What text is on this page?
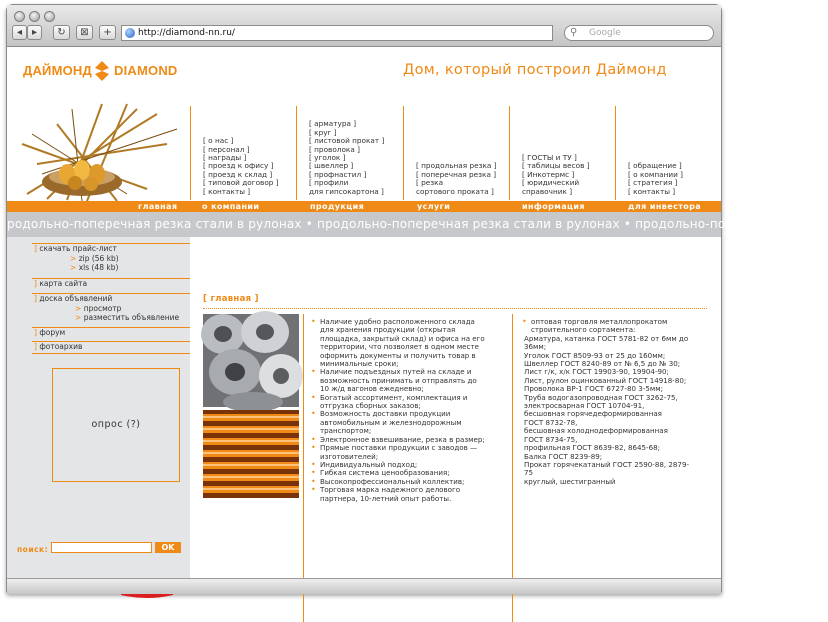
◂ ▸	↻	⊠	+	http://diamond-nn.ru/	⚲ Google
ДАЙМОНД DIAMOND	Дом, который построил Даймонд
[ о нас ]
[ персонал ]
[ награды ]
[ проезд к офису ]
[ проезд к склад ]
[ типовой договор ]
[ контакты ]
[ арматура ]
[ круг ]
[ листовой прокат ]
[ проволока ]
[ уголок ]
[ швеллер ]
[ профнастил ]
[ профили
для гипсокартона ]
[ продольная резка ]
[ поперечная резка ]
[ резка
сортового проката ]
[ ГОСТЫ и ТУ ]
[ таблицы весов ]
[ Инкотермс ]
[ юридический
справочник ]
[ обращение ]
[ о компании ]
[ стратегия ]
[ контакты ]
главная	о компании	продукция	услуги	информация	для инвестора
родольно-поперечная резка стали в рулонах • продольно-поперечная резка стали в рулонах • продольно-поперечная резка
] скачать прайс-лист
> zip (56 kb)
> xls (48 kb)
] карта сайта
] доска объявлений
> просмотр
> разместить объявление
] форум
] фотоархив
опрос (?)
поиск:	OK
[ главная ]
• Наличие удобно расположенного склада для хранения продукции (открытая площадка, закрытый склад) и офиса на его территории, что позволяет в одном месте оформить документы и получить товар в минимальные сроки;
• Наличие подъездных путей на складе и возможность принимать и отправлять до 10 ж/д вагонов ежедневно;
• Богатый ассортимент, комплектация и отгрузка сборных заказов;
• Возможность доставки продукции автомобильным и железнодорожным транспортом;
• Электронное взвешивание, резка в размер;
• Прямые поставки продукции с заводов — изготовителей;
• Индивидуальный подход;
• Гибкая система ценообразования;
• Высокопрофессиональный коллектив;
• Торговая марка надежного делового партнера, 10-летний опыт работы.
• оптовая торговля металлопрокатом строительного сортамента:
Арматура, катанка ГОСТ 5781-82 от 6мм до
36мм;
Уголок ГОСТ 8509-93 от 25 до 160мм;
Швеллер ГОСТ 8240-89 от № 6,5 до № 30;
Лист г/к, х/к ГОСТ 19903-90, 19904-90;
Лист, рулон оцинкованный ГОСТ 14918-80;
Проволока ВР-1 ГОСТ 6727-80 3-5мм;
Труба водогазопроводная ГОСТ 3262-75,
электросварная ГОСТ 10704-91,
бесшовная горячедеформированная
ГОСТ 8732-78,
бесшовная холоднодеформированная
ГОСТ 8734-75,
профильная ГОСТ 8639-82, 8645-68;
Балка ГОСТ 8239-89;
Прокат горячекатаный ГОСТ 2590-88, 2879-75
круглый, шестигранный
